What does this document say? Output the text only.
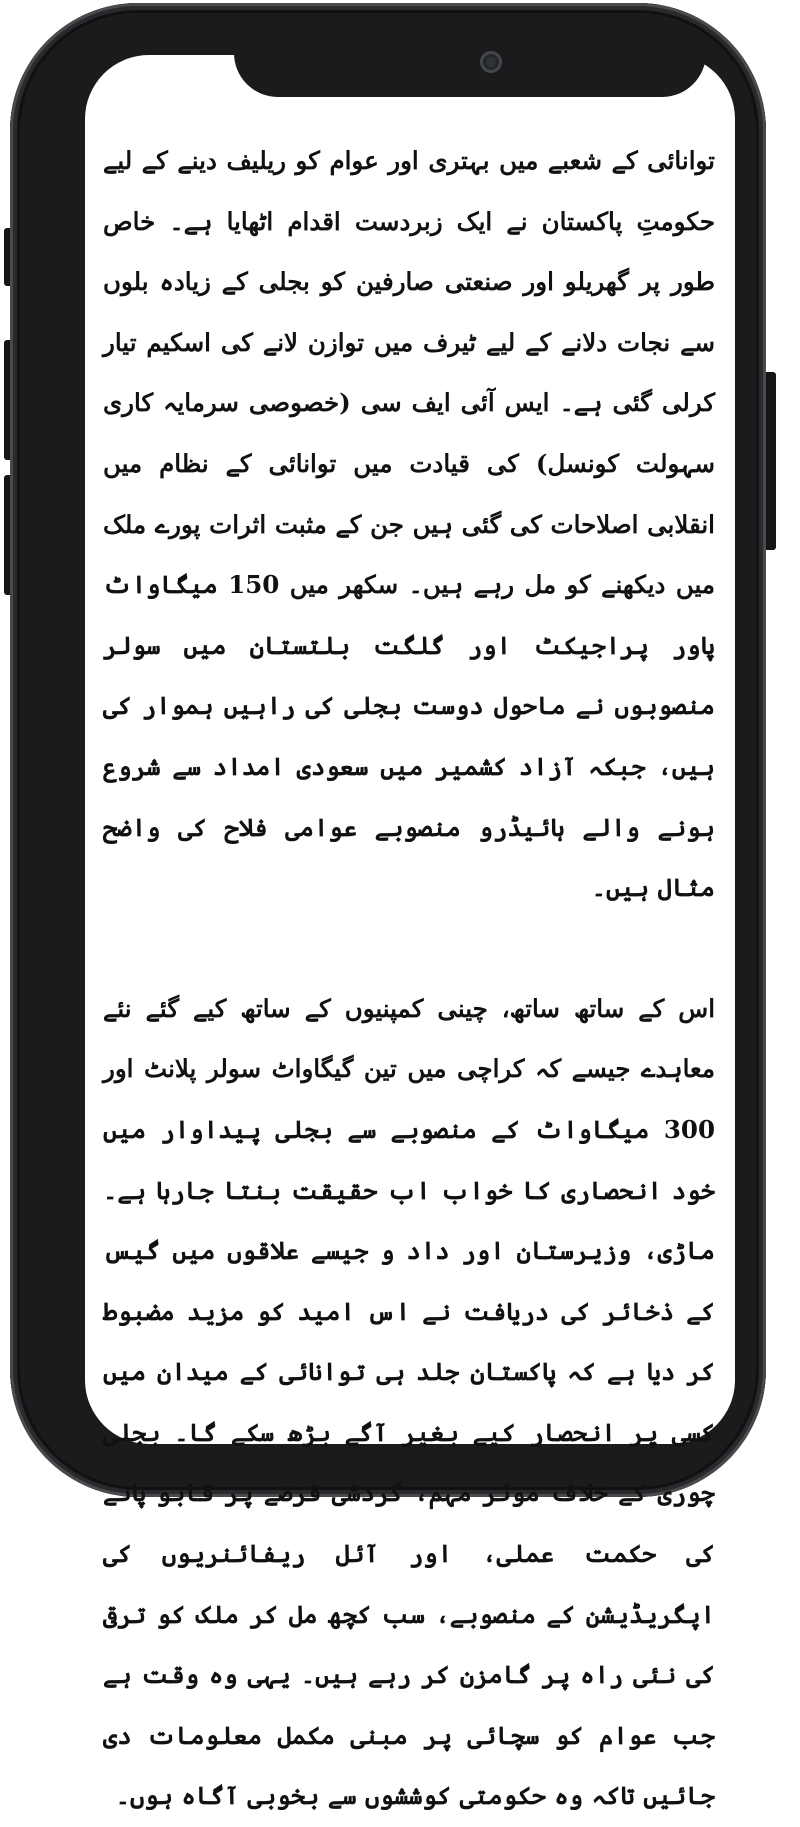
توانائی کے شعبے میں بہتری اور عوام کو ریلیف دینے کے لیے حکومتِ پاکستان نے ایک زبردست اقدام اٹھایا ہے۔ خاص طور پر گھریلو اور صنعتی صارفین کو بجلی کے زیادہ بلوں سے نجات دلانے کے لیے ٹیرف میں توازن لانے کی اسکیم تیار کرلی گئی ہے۔ ایس آئی ایف سی (خصوصی سرمایہ کاری سہولت کونسل) کی قیادت میں توانائی کے نظام میں انقلابی اصلاحات کی گئی ہیں جن کے مثبت اثرات پورے ملک میں دیکھنے کو مل رہے ہیں۔ سکھر میں 150 میگاواٹ پاور پراجیکٹ اور گلگت بلتستان میں سولر منصوبوں نے ماحول دوست بجلی کی راہیں ہموار کی ہیں، جبکہ آزاد کشمیر میں سعودی امداد سے شروع ہونے والے ہائیڈرو منصوبے عوامی فلاح کی واضح مثال ہیں۔

اس کے ساتھ ساتھ، چینی کمپنیوں کے ساتھ کیے گئے نئے معاہدے جیسے کہ کراچی میں تین گیگاواٹ سولر پلانٹ اور 300 میگاواٹ کے منصوبے سے بجلی پیداوار میں خود انحصاری کا خواب اب حقیقت بنتا جارہا ہے۔ ماڑی، وزیرستان اور داد و جیسے علاقوں میں گیس کے ذخائر کی دریافت نے اس امید کو مزید مضبوط کر دیا ہے کہ پاکستان جلد ہی توانائی کے میدان میں کسی پر انحصار کیے بغیر آگے بڑھ سکے گا۔ بجلی چوری کے خلاف موثر مہم، گردشی قرضے پر قابو پانے کی حکمت عملی، اور آئل ریفائنریوں کی اپگریڈیشن کے منصوبے، سب کچھ مل کر ملک کو ترقی کی نئی راہ پر گامزن کر رہے ہیں۔ یہی وہ وقت ہے جب عوام کو سچائی پر مبنی مکمل معلومات دی جائیں تاکہ وہ حکومتی کوششوں سے بخوبی آگاہ ہوں۔
